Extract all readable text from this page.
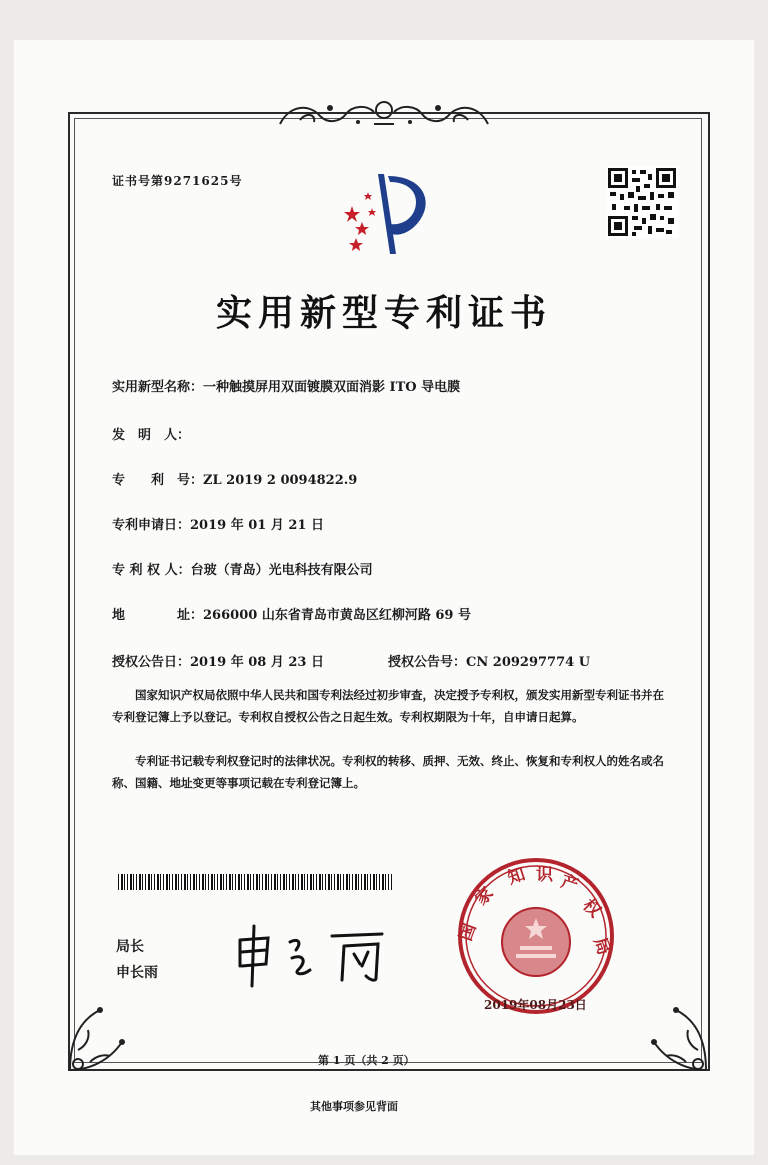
证书号第9271625号
实用新型专利证书
实用新型名称：一种触摸屏用双面镀膜双面消影 ITO 导电膜
发　明　人：
专　　利　号：ZL 2019 2 0094822.9
专利申请日：2019 年 01 月 21 日
专 利 权 人：台玻（青岛）光电科技有限公司
地　　　　址：266000 山东省青岛市黄岛区红柳河路 69 号
授权公告日：2019 年 08 月 23 日	授权公告号：CN 209297774 U
　　国家知识产权局依照中华人民共和国专利法经过初步审查，决定授予专利权，颁发实用新型专利证书并在专利登记簿上予以登记。专利权自授权公告之日起生效。专利权期限为十年，自申请日起算。
　　专利证书记载专利权登记时的法律状况。专利权的转移、质押、无效、终止、恢复和专利权人的姓名或名称、国籍、地址变更等事项记载在专利登记簿上。
局长
申长雨
国
家
知 识 产
权
局
2019年08月23日
第 1 页（共 2 页）
其他事项参见背面
